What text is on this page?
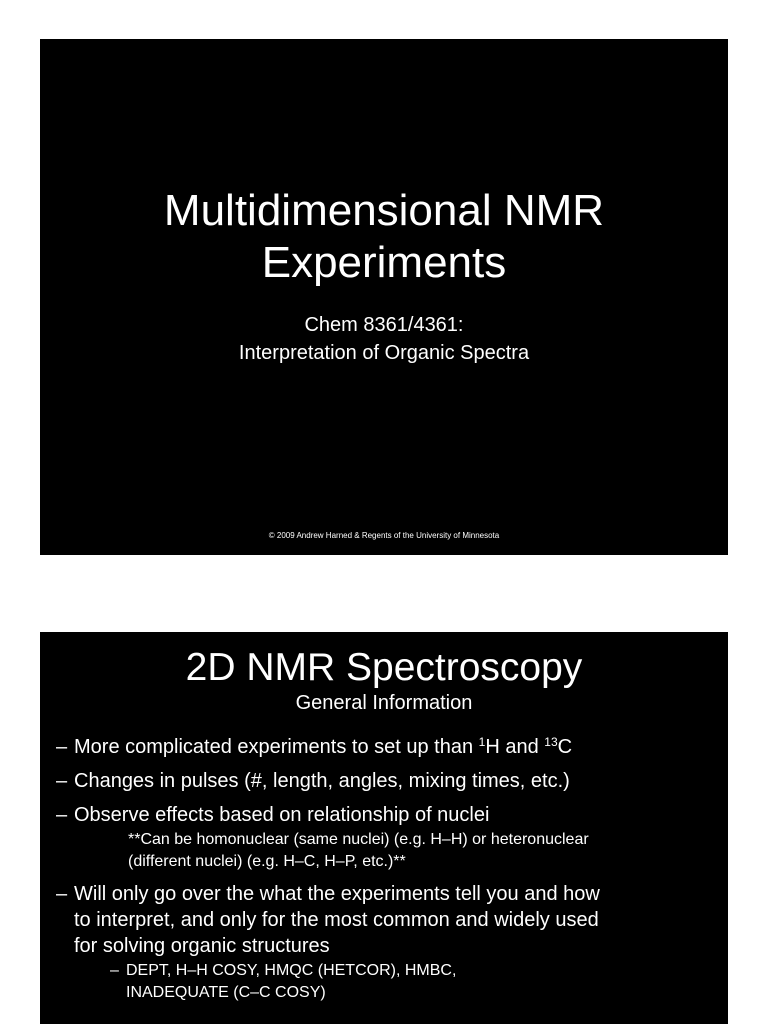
Multidimensional NMR
Experiments
Chem 8361/4361:
Interpretation of Organic Spectra
© 2009 Andrew Harned & Regents of the University of Minnesota
2D NMR Spectroscopy
General Information
– More complicated experiments to set up than $^1$H and $^{13}$C
– Changes in pulses (#, length, angles, mixing times, etc.)
– Observe effects based on relationship of nuclei
**Can be homonuclear (same nuclei) (e.g. H–H) or heteronuclear
(different nuclei) (e.g. H–C, H–P, etc.)**
– Will only go over the what the experiments tell you and how
to interpret, and only for the most common and widely used
for solving organic structures
– DEPT, H–H COSY, HMQC (HETCOR), HMBC,
INADEQUATE (C–C COSY)
